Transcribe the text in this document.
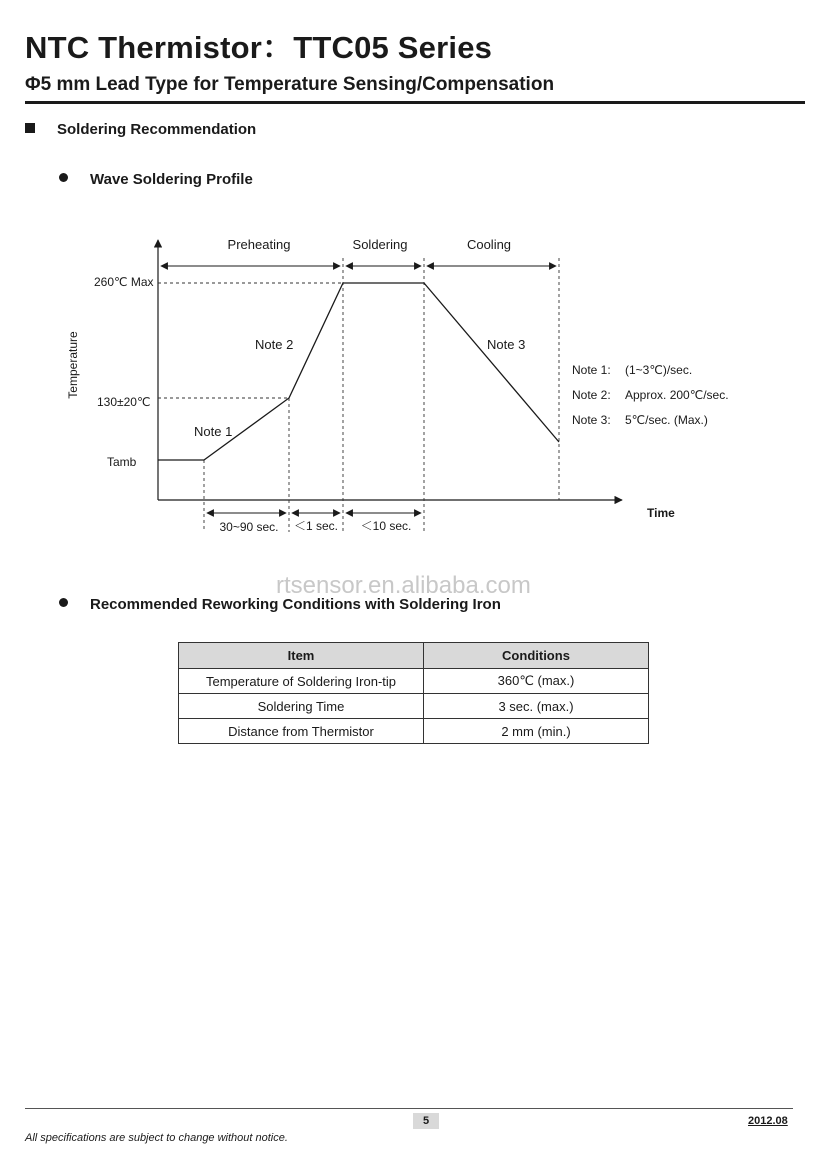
NTC Thermistor：TTC05 Series
Φ5 mm Lead Type for Temperature Sensing/Compensation
Soldering Recommendation
Wave Soldering Profile
Time
Temperature
Tamb
130±20℃
260℃ Max
Preheating	Soldering	Cooling
Note 1
Note 2	Note 3
30~90 sec. ＜1 sec. ＜10 sec.
Note 1: (1~3℃)/sec.
Note 2: Approx. 200℃/sec.
Note 3: 5℃/sec. (Max.)
rtsensor.en.alibaba.com
Recommended Reworking Conditions with Soldering Iron
Item	Conditions
Temperature of Soldering Iron-tip	360℃ (max.)
Soldering Time	3 sec. (max.)
Distance from Thermistor	2 mm (min.)
5	2012.08
All specifications are subject to change without notice.
